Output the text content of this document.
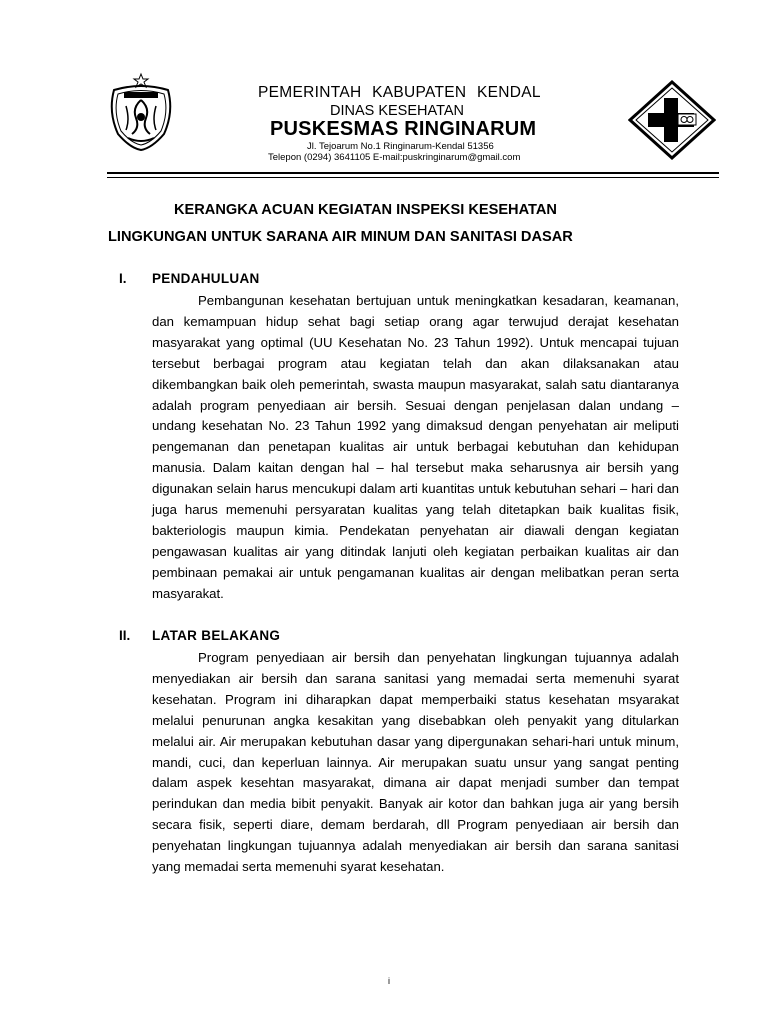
PEMERINTAH KABUPATEN KENDAL
DINAS KESEHATAN
PUSKESMAS RINGINARUM
Jl. Tejoarum No.1 Ringinarum-Kendal 51356
Telepon (0294) 3641105 E-mail:puskringinarum@gmail.com
KERANGKA ACUAN KEGIATAN INSPEKSI KESEHATAN
LINGKUNGAN UNTUK SARANA AIR MINUM DAN SANITASI DASAR
I. PENDAHULUAN

Pembangunan kesehatan bertujuan untuk meningkatkan kesadaran, keamanan, dan kemampuan hidup sehat bagi setiap orang agar terwujud derajat kesehatan masyarakat yang optimal (UU Kesehatan No. 23 Tahun 1992). Untuk mencapai tujuan tersebut berbagai program atau kegiatan telah dan akan dilaksanakan atau dikembangkan baik oleh pemerintah, swasta maupun masyarakat, salah satu diantaranya adalah program penyediaan air bersih. Sesuai dengan penjelasan dalan undang – undang kesehatan No. 23 Tahun 1992 yang dimaksud dengan penyehatan air meliputi pengemanan dan penetapan kualitas air untuk berbagai kebutuhan dan kehidupan manusia. Dalam kaitan dengan hal – hal tersebut maka seharusnya air bersih yang digunakan selain harus mencukupi dalam arti kuantitas untuk kebutuhan sehari – hari dan juga harus memenuhi persyaratan kualitas yang telah ditetapkan baik kualitas fisik, bakteriologis maupun kimia. Pendekatan penyehatan air diawali dengan kegiatan pengawasan kualitas air yang ditindak lanjuti oleh kegiatan perbaikan kualitas air dan pembinaan pemakai air untuk pengamanan kualitas air dengan melibatkan peran serta masyarakat.

II. LATAR BELAKANG

Program penyediaan air bersih dan penyehatan lingkungan tujuannya adalah menyediakan air bersih dan sarana sanitasi yang memadai serta memenuhi syarat kesehatan. Program ini diharapkan dapat memperbaiki status kesehatan msyarakat melalui penurunan angka kesakitan yang disebabkan oleh penyakit yang ditularkan melalui air. Air merupakan kebutuhan dasar yang dipergunakan sehari-hari untuk minum, mandi, cuci, dan keperluan lainnya. Air merupakan suatu unsur yang sangat penting dalam aspek kesehtan masyarakat, dimana air dapat menjadi sumber dan tempat perindukan dan media bibit penyakit. Banyak air kotor dan bahkan juga air yang bersih secara fisik, seperti diare, demam berdarah, dll Program penyediaan air bersih dan penyehatan lingkungan tujuannya adalah menyediakan air bersih dan sarana sanitasi yang memadai serta memenuhi syarat kesehatan.

i
